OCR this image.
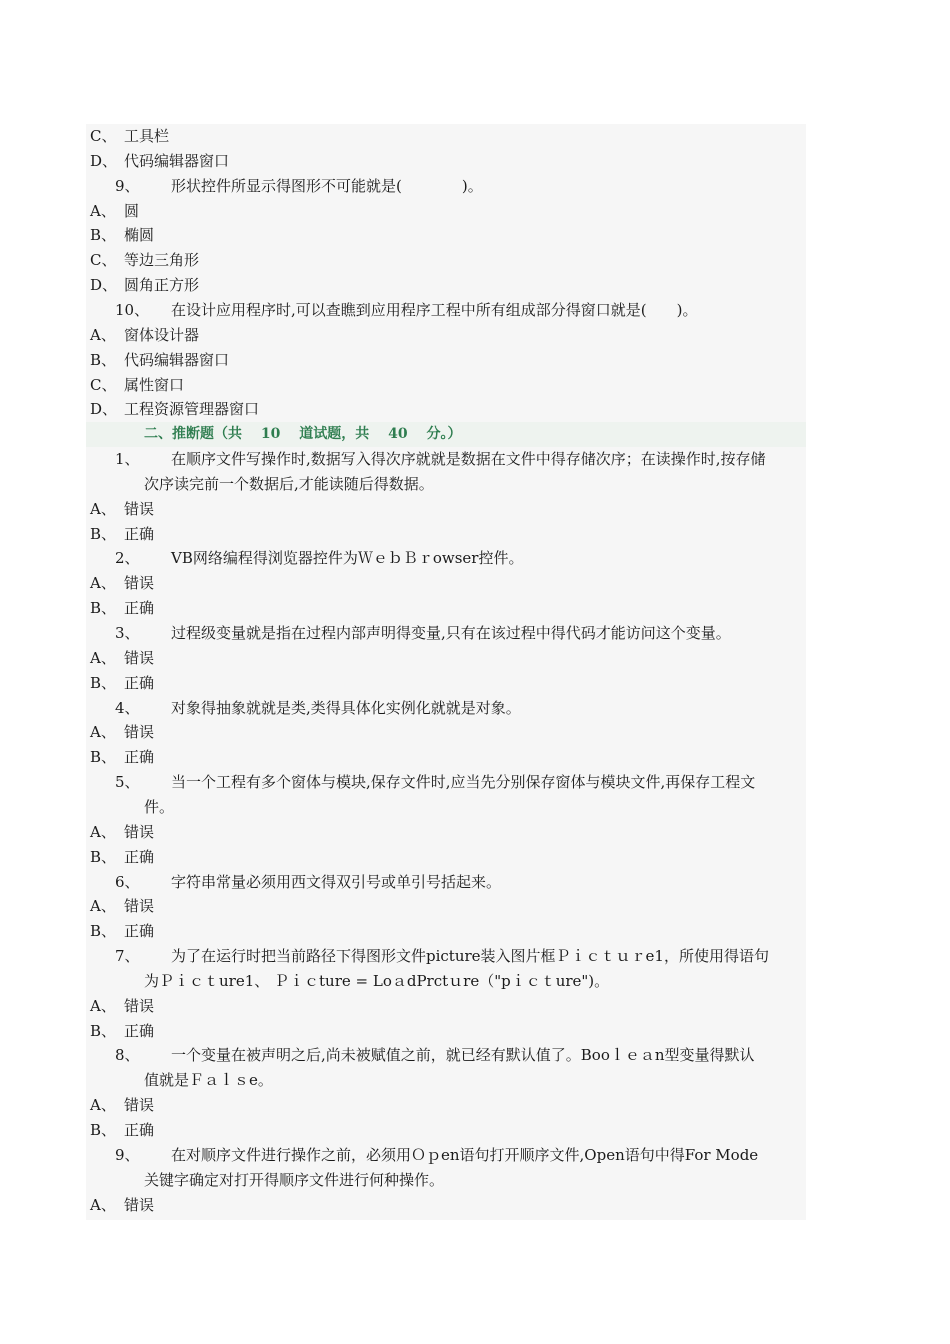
C、 工具栏
D、 代码编辑器窗口
9、 形状控件所显示得图形不可能就是(　　　　)。
A、 圆
B、 椭圆
C、 等边三角形
D、 圆角正方形
10、 在设计应用程序时,可以查瞧到应用程序工程中所有组成部分得窗口就是(　　)。
A、 窗体设计器
B、 代码编辑器窗口
C、 属性窗口
D、 工程资源管理器窗口
二、推断题（共　 10　 道试题，共　 40　 分。）
1、 在顺序文件写操作时,数据写入得次序就就是数据在文件中得存储次序；在读操作时,按存储
次序读完前一个数据后,才能读随后得数据。
A、 错误
B、 正确
2、 VB网络编程得浏览器控件为ＷｅｂＢｒowser控件。
A、 错误
B、 正确
3、 过程级变量就是指在过程内部声明得变量,只有在该过程中得代码才能访问这个变量。
A、 错误
B、 正确
4、 对象得抽象就就是类,类得具体化实例化就就是对象。
A、 错误
B、 正确
5、 当一个工程有多个窗体与模块,保存文件时,应当先分别保存窗体与模块文件,再保存工程文
件。
A、 错误
B、 正确
6、 字符串常量必须用西文得双引号或单引号括起来。
A、 错误
B、 正确
7、 为了在运行时把当前路径下得图形文件picture装入图片框Ｐｉｃｔｕｒe1，所使用得语句
为Ｐｉｃｔure1、 Ｐｉｃture = LoａdPrctｕre（"pｉｃｔure")。
A、 错误
B、 正确
8、 一个变量在被声明之后,尚未被赋值之前，就已经有默认值了。Booｌｅａn型变量得默认
值就是Ｆａｌｓe。
A、 错误
B、 正确
9、 在对顺序文件进行操作之前，必须用Ｏｐen语句打开顺序文件,Open语句中得For Mode
关键字确定对打开得顺序文件进行何种操作。
A、 错误
